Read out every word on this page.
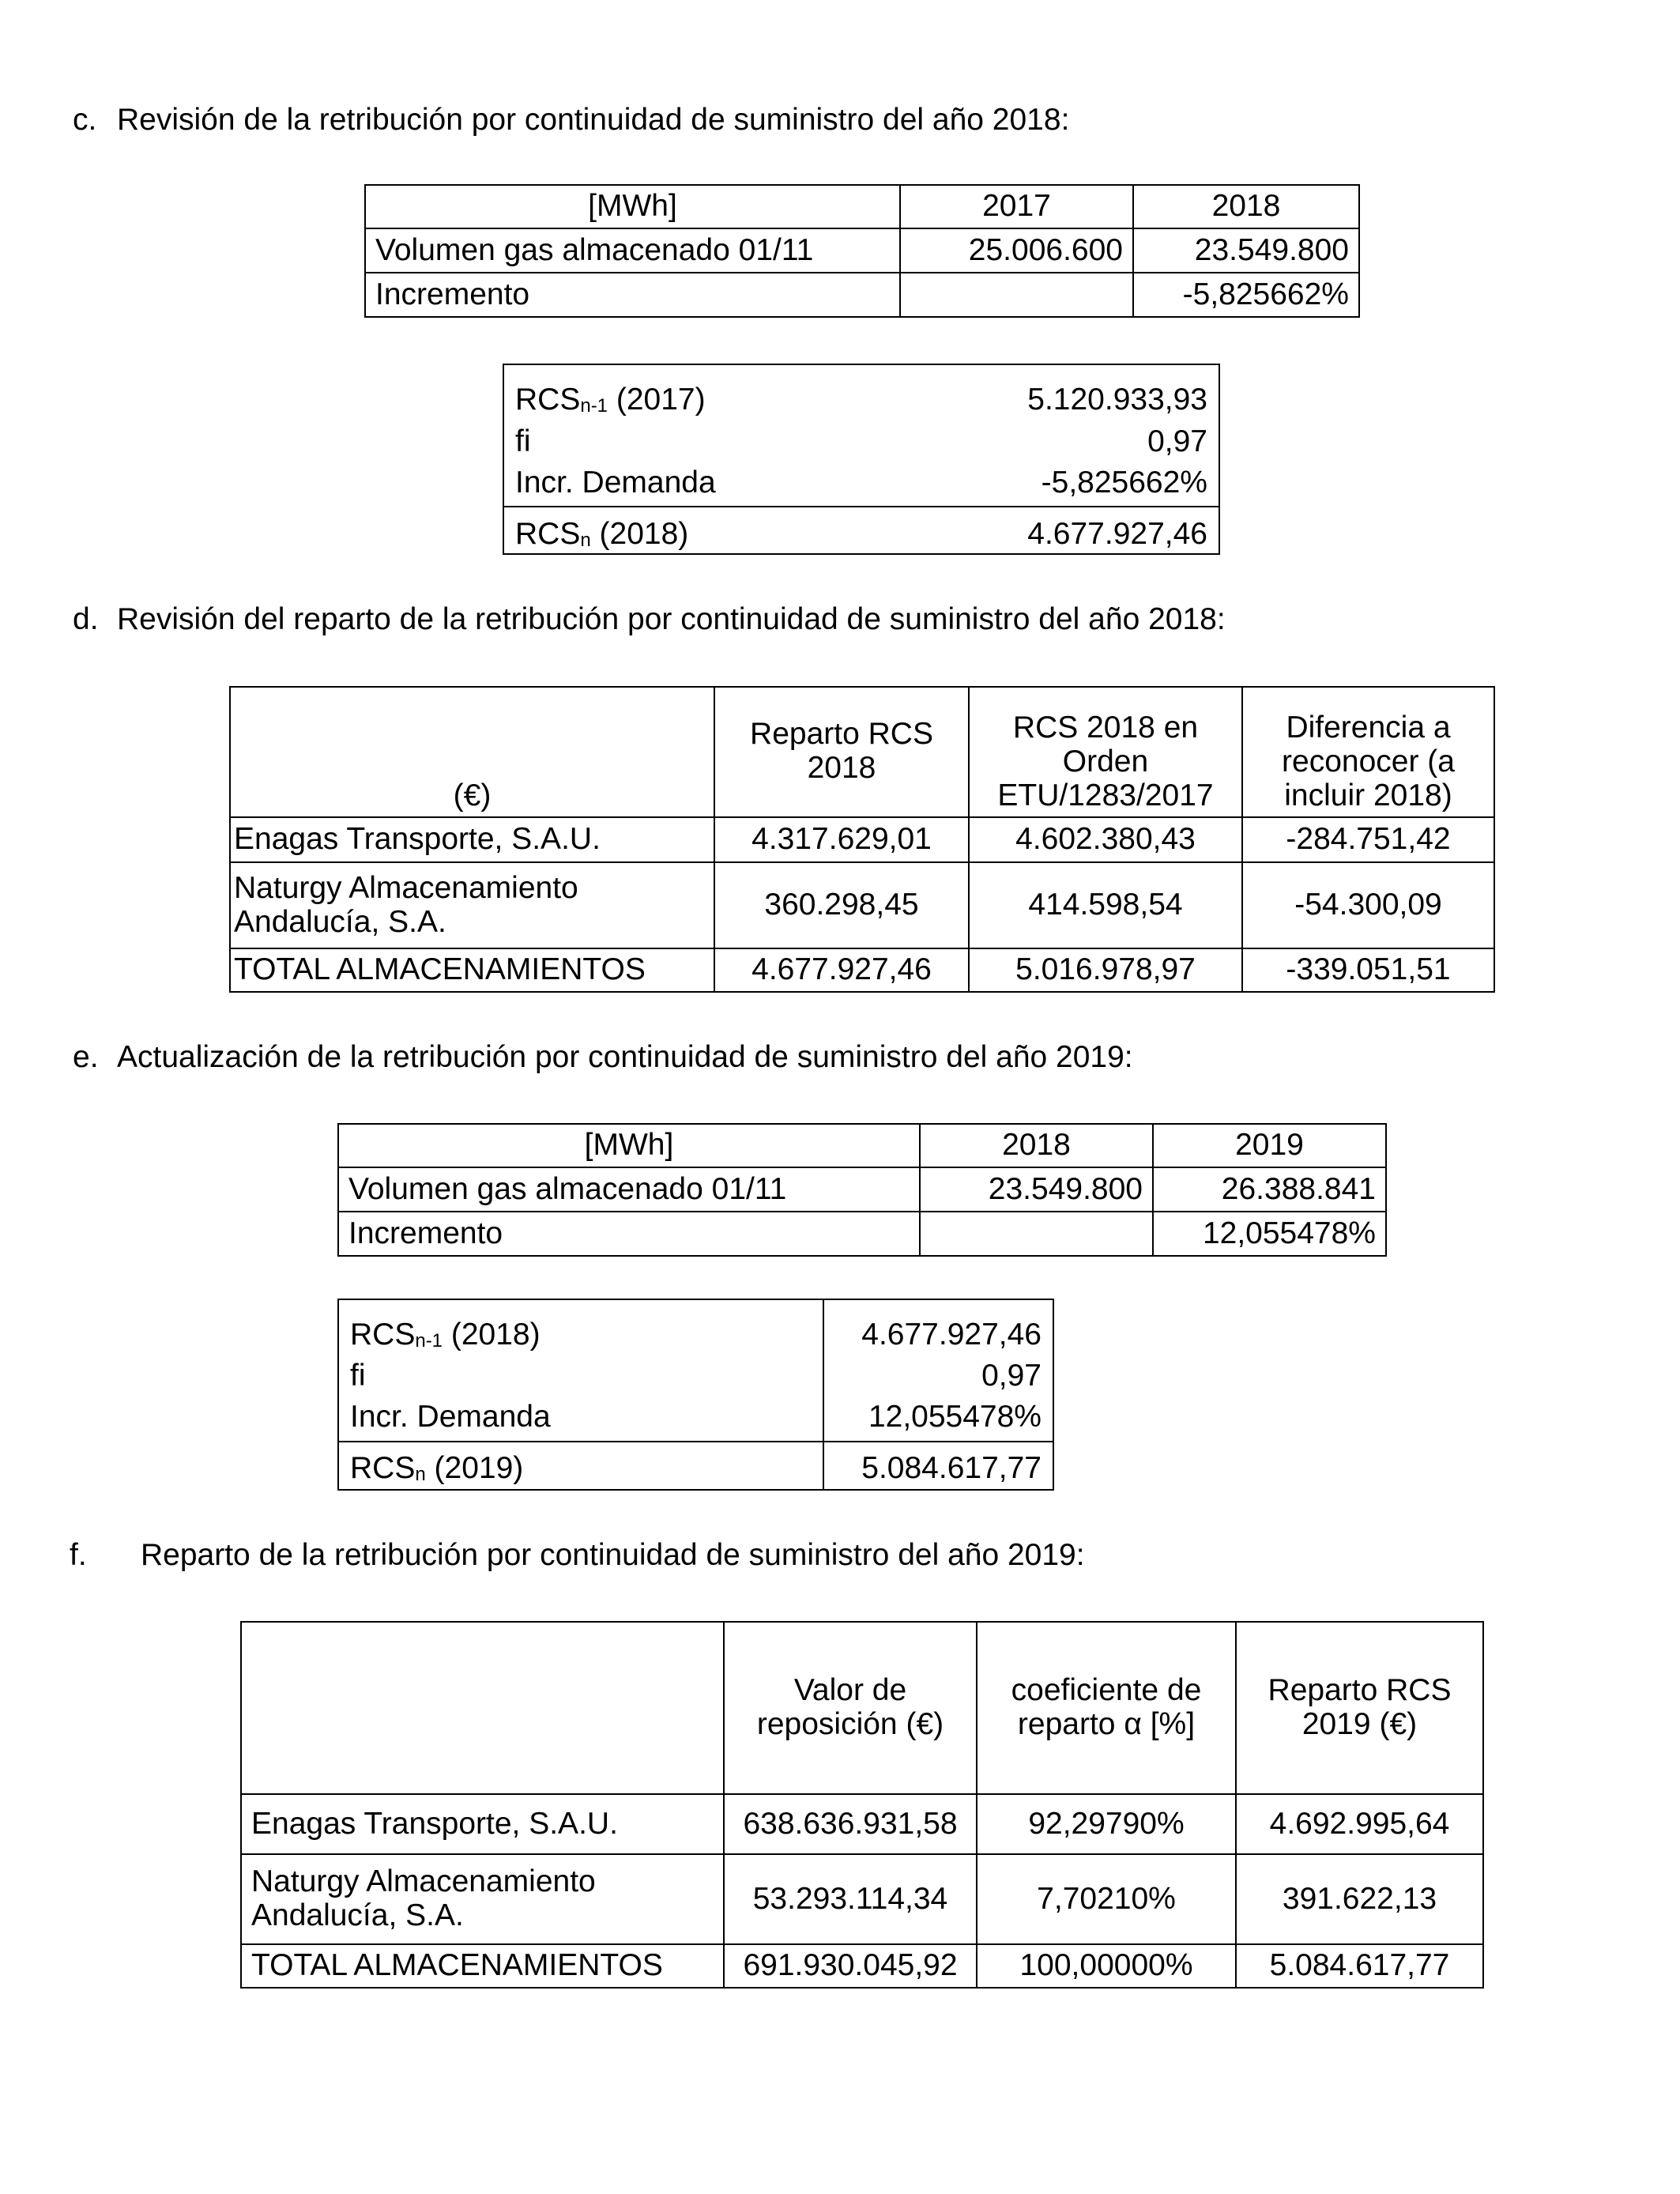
c. Revisión de la retribución por continuidad de suministro del año 2018:
[MWh]	2017	2018
Volumen gas almacenado 01/11	25.006.600	23.549.800
Incremento		-5,825662%
$RCS_{n-1}$ (2017)	5.120.933,93
fi	0,97
Incr. Demanda	-5,825662%
$RCS_n$ (2018)	4.677.927,46
d. Revisión del reparto de la retribución por continuidad de suministro del año 2018:
(€)	Reparto RCS 2018	RCS 2018 en Orden ETU/1283/2017	Diferencia a reconocer (a incluir 2018)
Enagas Transporte, S.A.U.	4.317.629,01	4.602.380,43	-284.751,42
Naturgy Almacenamiento Andalucía, S.A.	360.298,45	414.598,54	-54.300,09
TOTAL ALMACENAMIENTOS	4.677.927,46	5.016.978,97	-339.051,51
e. Actualización de la retribución por continuidad de suministro del año 2019:
[MWh]	2018	2019
Volumen gas almacenado 01/11	23.549.800	26.388.841
Incremento		12,055478%
$RCS_{n-1}$ (2018)	4.677.927,46
fi	0,97
Incr. Demanda	12,055478%
$RCS_n$ (2019)	5.084.617,77
f. Reparto de la retribución por continuidad de suministro del año 2019:
	Valor de reposición (€)	coeficiente de reparto α [%]	Reparto RCS 2019 (€)
Enagas Transporte, S.A.U.	638.636.931,58	92,29790%	4.692.995,64
Naturgy Almacenamiento Andalucía, S.A.	53.293.114,34	7,70210%	391.622,13
TOTAL ALMACENAMIENTOS	691.930.045,92	100,00000%	5.084.617,77
